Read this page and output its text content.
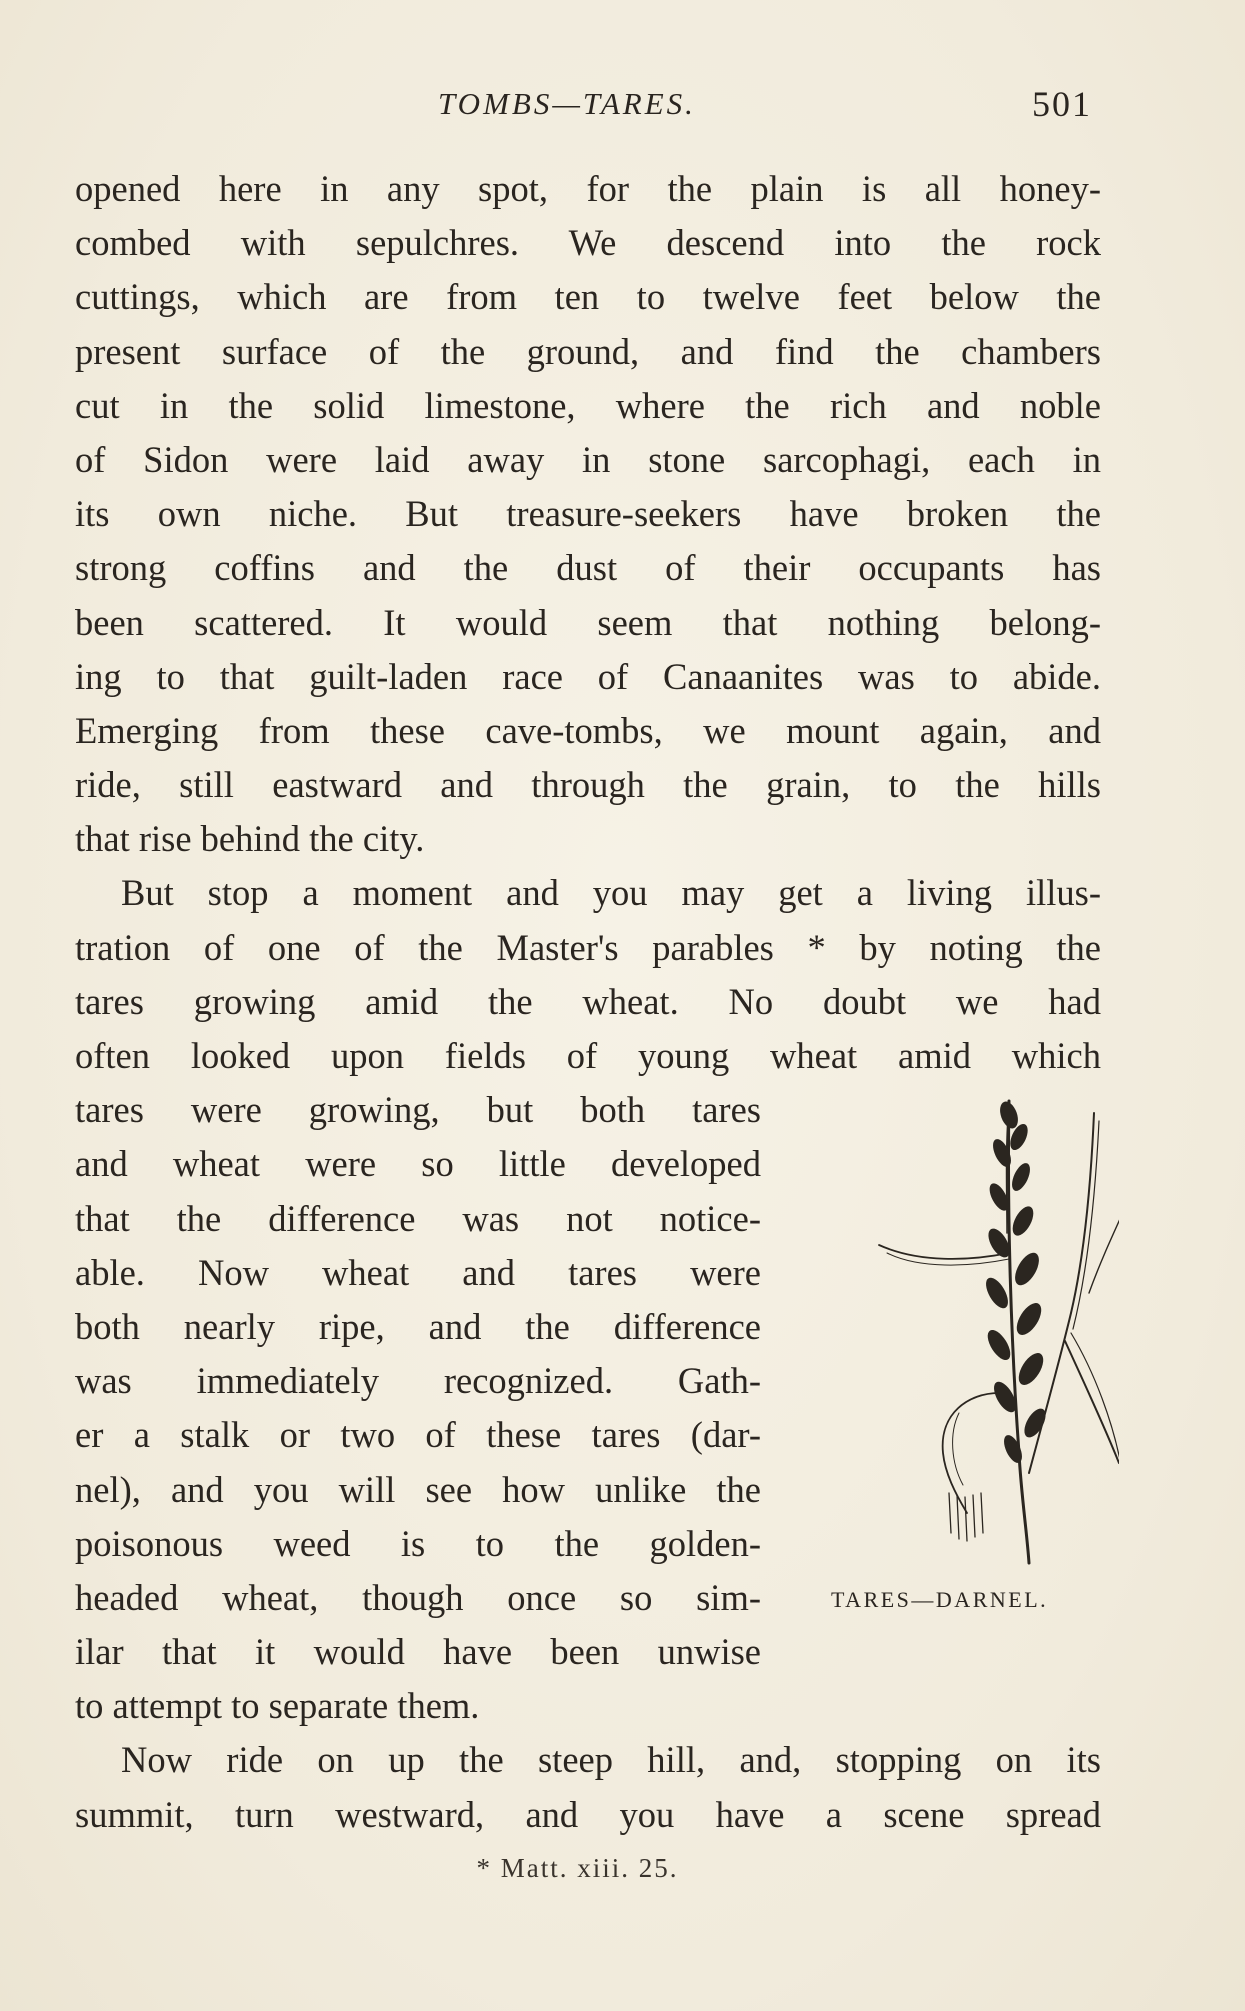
TOMBS—TARES.	501
opened here in any spot, for the plain is all honey-
combed with sepulchres. We descend into the rock
cuttings, which are from ten to twelve feet below the
present surface of the ground, and find the chambers
cut in the solid limestone, where the rich and noble
of Sidon were laid away in stone sarcophagi, each in
its own niche. But treasure-seekers have broken the
strong coffins and the dust of their occupants has
been scattered. It would seem that nothing belong-
ing to that guilt-laden race of Canaanites was to abide.
Emerging from these cave-tombs, we mount again, and
ride, still eastward and through the grain, to the hills
that rise behind the city.
But stop a moment and you may get a living illus-
tration of one of the Master's parables * by noting the
tares growing amid the wheat. No doubt we had
often looked upon fields of young wheat amid which
tares were growing, but both tares
and wheat were so little developed
that the difference was not notice-
able. Now wheat and tares were
both nearly ripe, and the difference
was immediately recognized. Gath-
er a stalk or two of these tares (dar-
nel), and you will see how unlike the
poisonous weed is to the golden-
headed wheat, though once so sim-
ilar that it would have been unwise
TARES—DARNEL.
to attempt to separate them.
Now ride on up the steep hill, and, stopping on its
summit, turn westward, and you have a scene spread
* Matt. xiii. 25.
